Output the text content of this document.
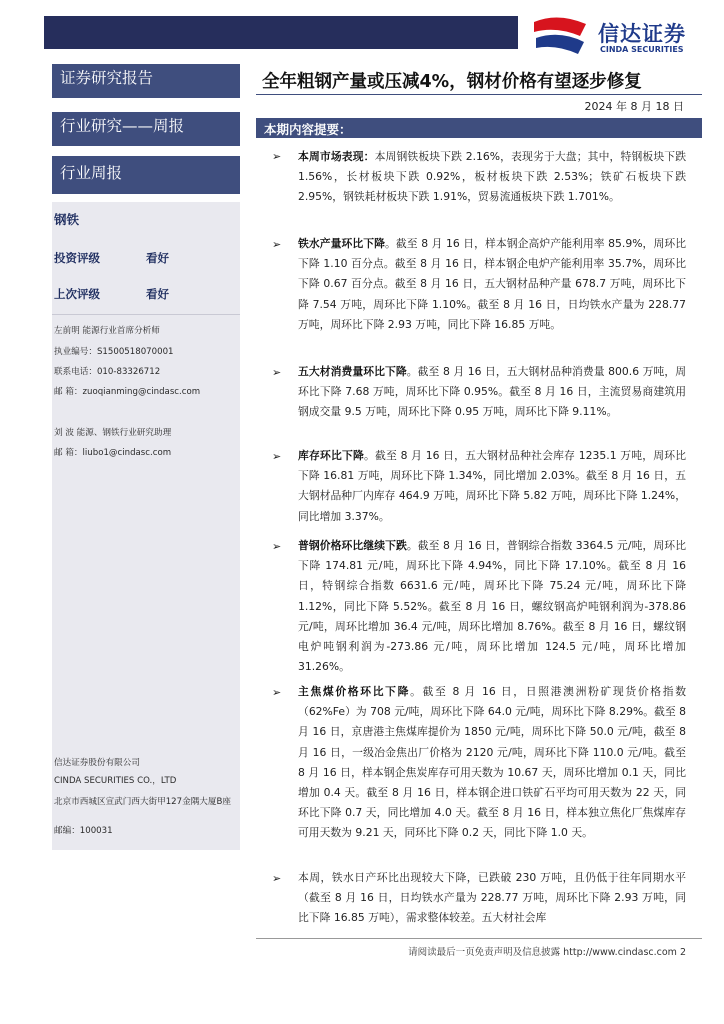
信达证券
CINDA SECURITIES
证券研究报告
行业研究——周报
行业周报
钢铁
投资评级	看好
上次评级	看好
左前明 能源行业首席分析师
执业编号：S1500518070001
联系电话：010-83326712
邮 箱：zuoqianming@cindasc.com
刘 波 能源、钢铁行业研究助理
邮 箱：liubo1@cindasc.com
信达证券股份有限公司
CINDA SECURITIES CO.，LTD
北京市西城区宣武门西大街甲127金隅大厦B座
邮编：100031
全年粗钢产量或压减4%，钢材价格有望逐步修复
2024 年 8 月 18 日
本期内容提要：
➢ 本周市场表现：本周钢铁板块下跌 2.16%，表现劣于大盘；其中，特钢板块下跌 1.56%，长材板块下跌 0.92%，板材板块下跌 2.53%；铁矿石板块下跌 2.95%，钢铁耗材板块下跌 1.91%，贸易流通板块下跌 1.701%。
➢ 铁水产量环比下降。截至 8 月 16 日，样本钢企高炉产能利用率 85.9%，周环比下降 1.10 百分点。截至 8 月 16 日，样本钢企电炉产能利用率 35.7%，周环比下降 0.67 百分点。截至 8 月 16 日，五大钢材品种产量 678.7 万吨，周环比下降 7.54 万吨，周环比下降 1.10%。截至 8 月 16 日，日均铁水产量为 228.77 万吨，周环比下降 2.93 万吨，同比下降 16.85 万吨。
➢ 五大材消费量环比下降。截至 8 月 16 日，五大钢材品种消费量 800.6 万吨，周环比下降 7.68 万吨，周环比下降 0.95%。截至 8 月 16 日，主流贸易商建筑用钢成交量 9.5 万吨，周环比下降 0.95 万吨，周环比下降 9.11%。
➢ 库存环比下降。截至 8 月 16 日，五大钢材品种社会库存 1235.1 万吨，周环比下降 16.81 万吨，周环比下降 1.34%，同比增加 2.03%。截至 8 月 16 日，五大钢材品种厂内库存 464.9 万吨，周环比下降 5.82 万吨，周环比下降 1.24%，同比增加 3.37%。
➢ 普钢价格环比继续下跌。截至 8 月 16 日，普钢综合指数 3364.5 元/吨，周环比下降 174.81 元/吨，周环比下降 4.94%，同比下降 17.10%。截至 8 月 16 日，特钢综合指数 6631.6 元/吨，周环比下降 75.24 元/吨，周环比下降 1.12%，同比下降 5.52%。截至 8 月 16 日，螺纹钢高炉吨钢利润为-378.86 元/吨，周环比增加 36.4 元/吨，周环比增加 8.76%。截至 8 月 16 日，螺纹钢电炉吨钢利润为-273.86 元/吨，周环比增加 124.5 元/吨，周环比增加 31.26%。
➢ 主焦煤价格环比下降。截至 8 月 16 日，日照港澳洲粉矿现货价格指数（62%Fe）为 708 元/吨，周环比下降 64.0 元/吨，周环比下降 8.29%。截至 8 月 16 日，京唐港主焦煤库提价为 1850 元/吨，周环比下降 50.0 元/吨，截至 8 月 16 日，一级冶金焦出厂价格为 2120 元/吨，周环比下降 110.0 元/吨。截至 8 月 16 日，样本钢企焦炭库存可用天数为 10.67 天，周环比增加 0.1 天，同比增加 0.4 天。截至 8 月 16 日，样本钢企进口铁矿石平均可用天数为 22 天，同环比下降 0.7 天，同比增加 4.0 天。截至 8 月 16 日，样本独立焦化厂焦煤库存可用天数为 9.21 天，同环比下降 0.2 天，同比下降 1.0 天。
➢ 本周，铁水日产环比出现较大下降，已跌破 230 万吨，且仍低于往年同期水平（截至 8 月 16 日，日均铁水产量为 228.77 万吨，周环比下降 2.93 万吨，同比下降 16.85 万吨），需求整体较差。五大材社会库
请阅读最后一页免责声明及信息披露 http://www.cindasc.com 2
